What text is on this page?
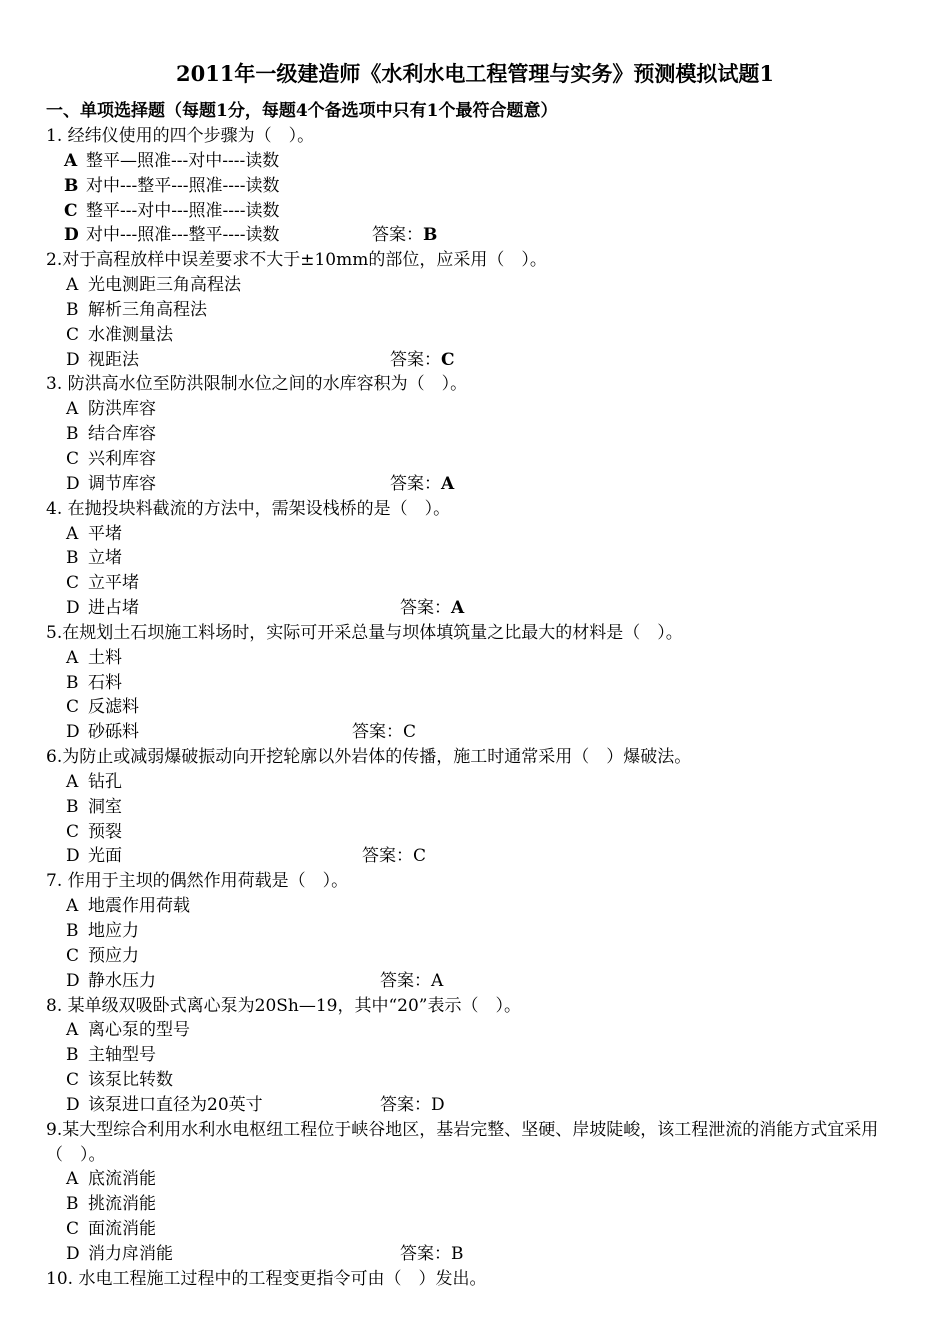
2011年一级建造师《水利水电工程管理与实务》预测模拟试题1
一、单项选择题（每题1分，每题4个备选项中只有1个最符合题意）
1. 经纬仪使用的四个步骤为（　）。
A 整平—照准---对中----读数
B 对中---整平---照准----读数
C 整平---对中---照准----读数
D 对中---照准---整平----读数	答案：B
2.对于高程放样中误差要求不大于±10mm的部位，应采用（　）。
A 光电测距三角高程法
B 解析三角高程法
C 水准测量法
D 视距法	答案：C
3. 防洪高水位至防洪限制水位之间的水库容积为（　）。
A 防洪库容
B 结合库容
C 兴利库容
D 调节库容	答案：A
4. 在抛投块料截流的方法中，需架设栈桥的是（　）。
A 平堵
B 立堵
C 立平堵
D 进占堵	答案：A
5.在规划土石坝施工料场时，实际可开采总量与坝体填筑量之比最大的材料是（　）。
A 土料
B 石料
C 反滤料
D 砂砾料	答案：C
6.为防止或减弱爆破振动向开挖轮廓以外岩体的传播，施工时通常采用（　）爆破法。
A 钻孔
B 洞室
C 预裂
D 光面	答案：C
7. 作用于主坝的偶然作用荷载是（　）。
A 地震作用荷载
B 地应力
C 预应力
D 静水压力	答案：A
8. 某单级双吸卧式离心泵为20Sh—19，其中“20”表示（　）。
A 离心泵的型号
B 主轴型号
C 该泵比转数
D 该泵进口直径为20英寸	答案：D
9.某大型综合利用水利水电枢纽工程位于峡谷地区，基岩完整、坚硬、岸坡陡峻，该工程泄流的消能方式宜采用（　）。
A 底流消能
B 挑流消能
C 面流消能
D 消力戽消能	答案：B
10. 水电工程施工过程中的工程变更指令可由（　）发出。
